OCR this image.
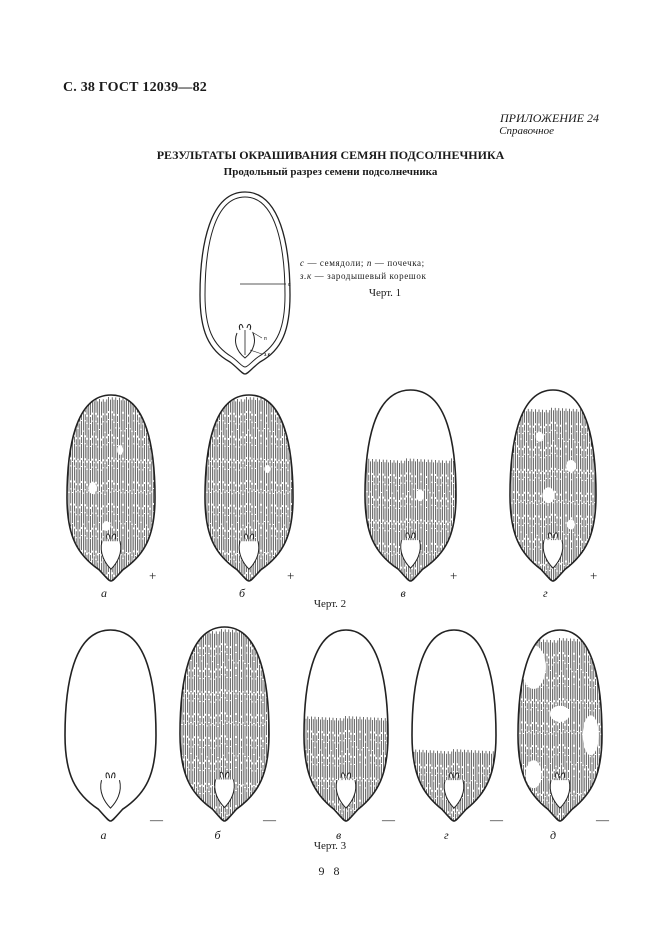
С. 38 ГОСТ 12039—82
ПРИЛОЖЕНИЕ 24
Справочное
РЕЗУЛЬТАТЫ ОКРАШИВАНИЯ СЕМЯН ПОДСОЛНЕЧНИКА
Продольный разрез семени подсолнечника
с
п
з.к
с — семядоли; п — почечка;
з.к — зародышевый корешок
Черт. 1
а
+
б
+
в
+
г
+
Черт. 2
а
—
б
—
в
—
г
—
д
—
Черт. 3
9 8
